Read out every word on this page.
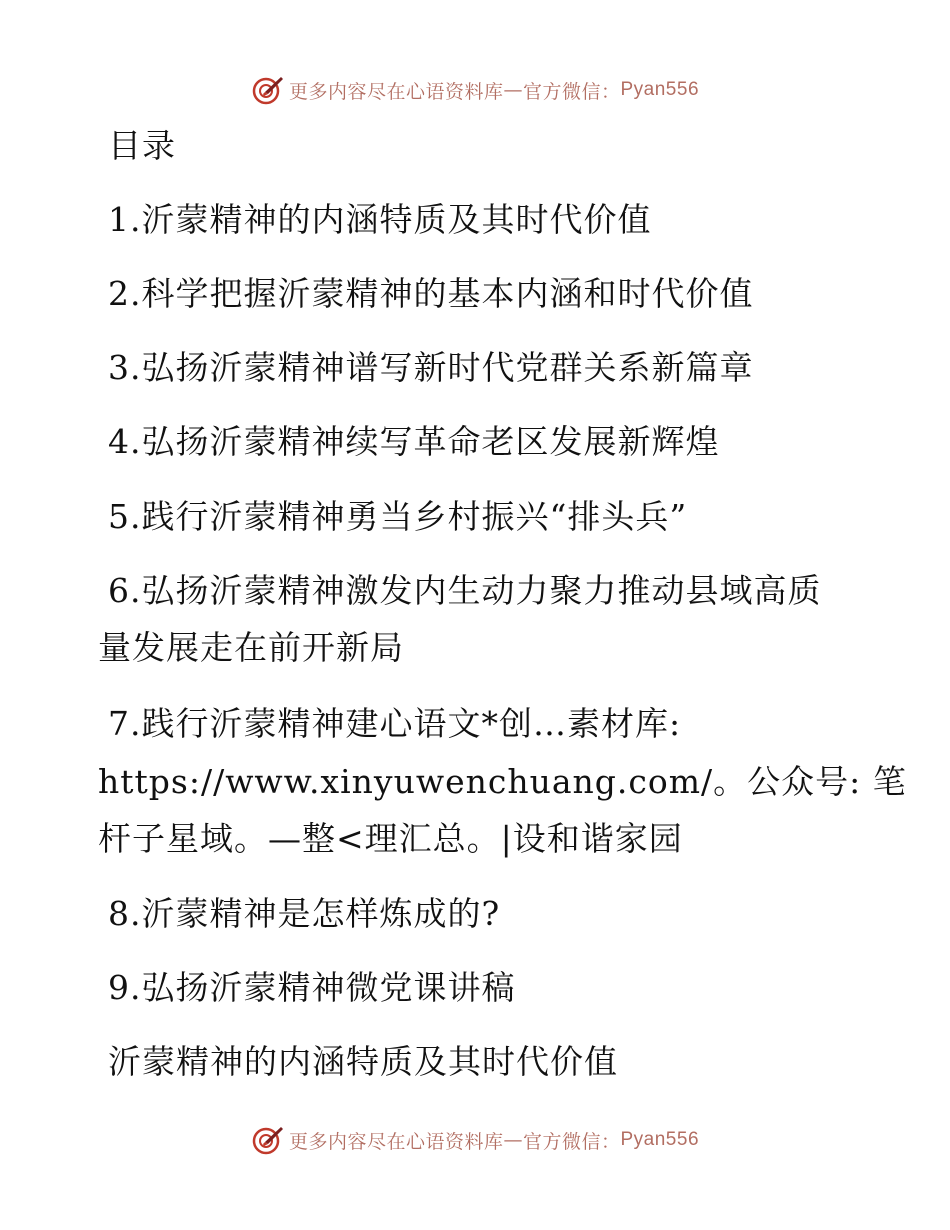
更多内容尽在心语资料库 — 官方微信： Pyan556
目录
1.沂蒙精神的内涵特质及其时代价值
2.科学把握沂蒙精神的基本内涵和时代价值
3.弘扬沂蒙精神谱写新时代党群关系新篇章
4.弘扬沂蒙精神续写革命老区发展新辉煌
5.践行沂蒙精神勇当乡村振兴“排头兵”
6.弘扬沂蒙精神激发内生动力聚力推动县域高质
量发展走在前开新局
7.践行沂蒙精神建心语文*创…素材库:
https://www.xinyuwenchuang.com/。公众号: 笔
杆子星域。—整<理汇总。|设和谐家园
8.沂蒙精神是怎样炼成的?
9.弘扬沂蒙精神微党课讲稿
沂蒙精神的内涵特质及其时代价值
更多内容尽在心语资料库 — 官方微信： Pyan556
